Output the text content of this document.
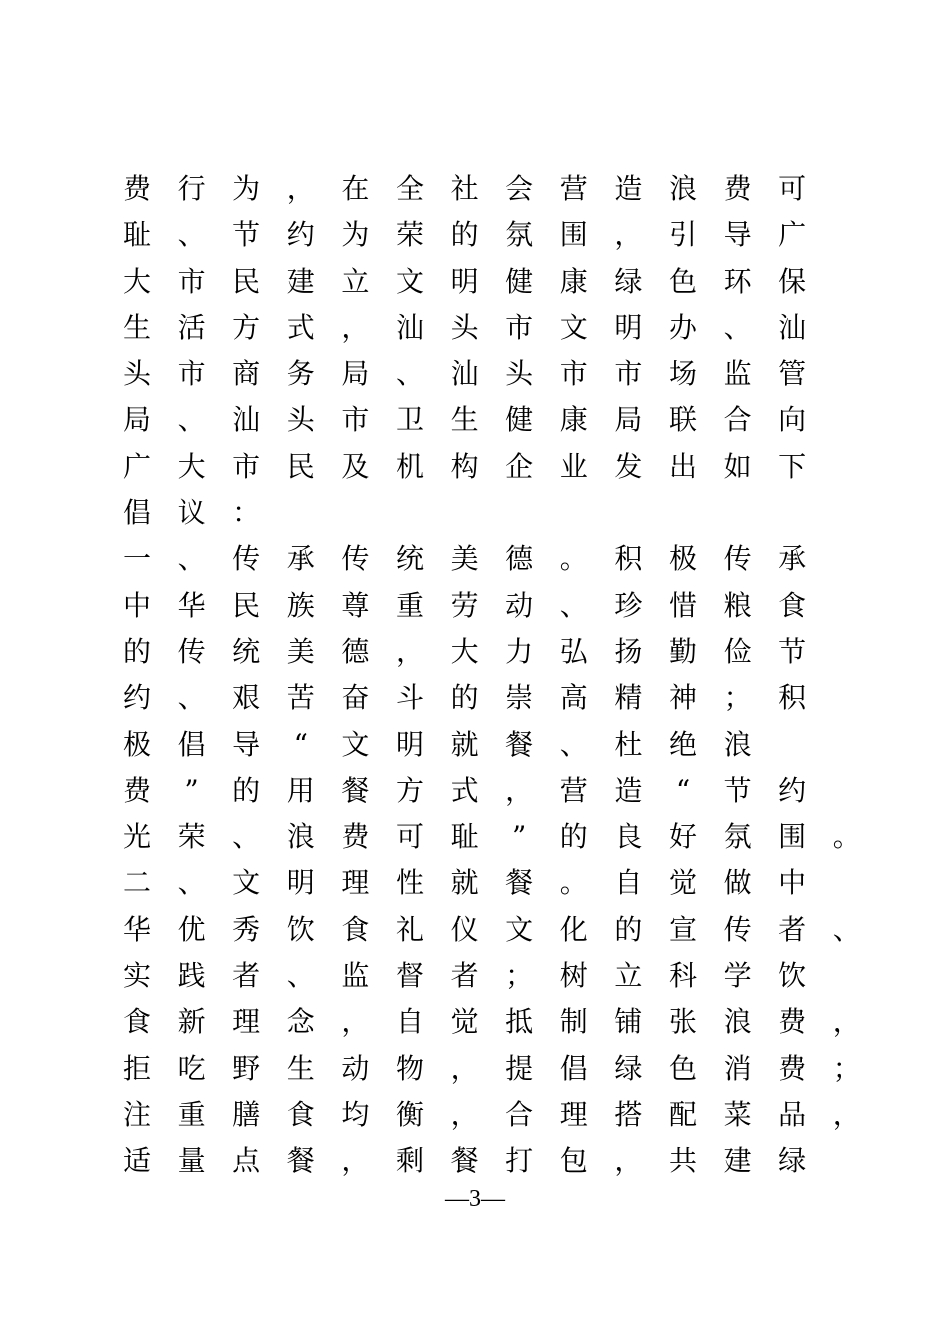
费 行 为 ， 在 全 社 会 营 造 浪 费 可
耻 、 节 约 为 荣 的 氛 围 ， 引 导 广
大 市 民 建 立 文 明 健 康 绿 色 环 保
生 活 方 式 ， 汕 头 市 文 明 办 、 汕
头 市 商 务 局 、 汕 头 市 市 场 监 管
局 、 汕 头 市 卫 生 健 康 局 联 合 向
广 大 市 民 及 机 构 企 业 发 出 如 下
倡 议 ：
一 、 传 承 传 统 美 德 。 积 极 传 承
中 华 民 族 尊 重 劳 动 、 珍 惜 粮 食
的 传 统 美 德 ， 大 力 弘 扬 勤 俭 节
约 、 艰 苦 奋 斗 的 崇 高 精 神 ； 积
极 倡 导	“	文 明 就 餐 、 杜 绝 浪
费	”	的 用 餐 方 式 ， 营 造	“	节 约
光 荣 、 浪 费 可 耻	”	的 良 好 氛 围 。
二 、 文 明 理 性 就 餐 。 自 觉 做 中
华 优 秀 饮 食 礼 仪 文 化 的 宣 传 者 、
实 践 者 、 监 督 者 ； 树 立 科 学 饮
食 新 理 念 ， 自 觉 抵 制 铺 张 浪 费 ，
拒 吃 野 生 动 物 ， 提 倡 绿 色 消 费 ；
注 重 膳 食 均 衡 ， 合 理 搭 配 菜 品 ，
适 量 点 餐 ， 剩 餐 打 包 ， 共 建 绿
—3—
